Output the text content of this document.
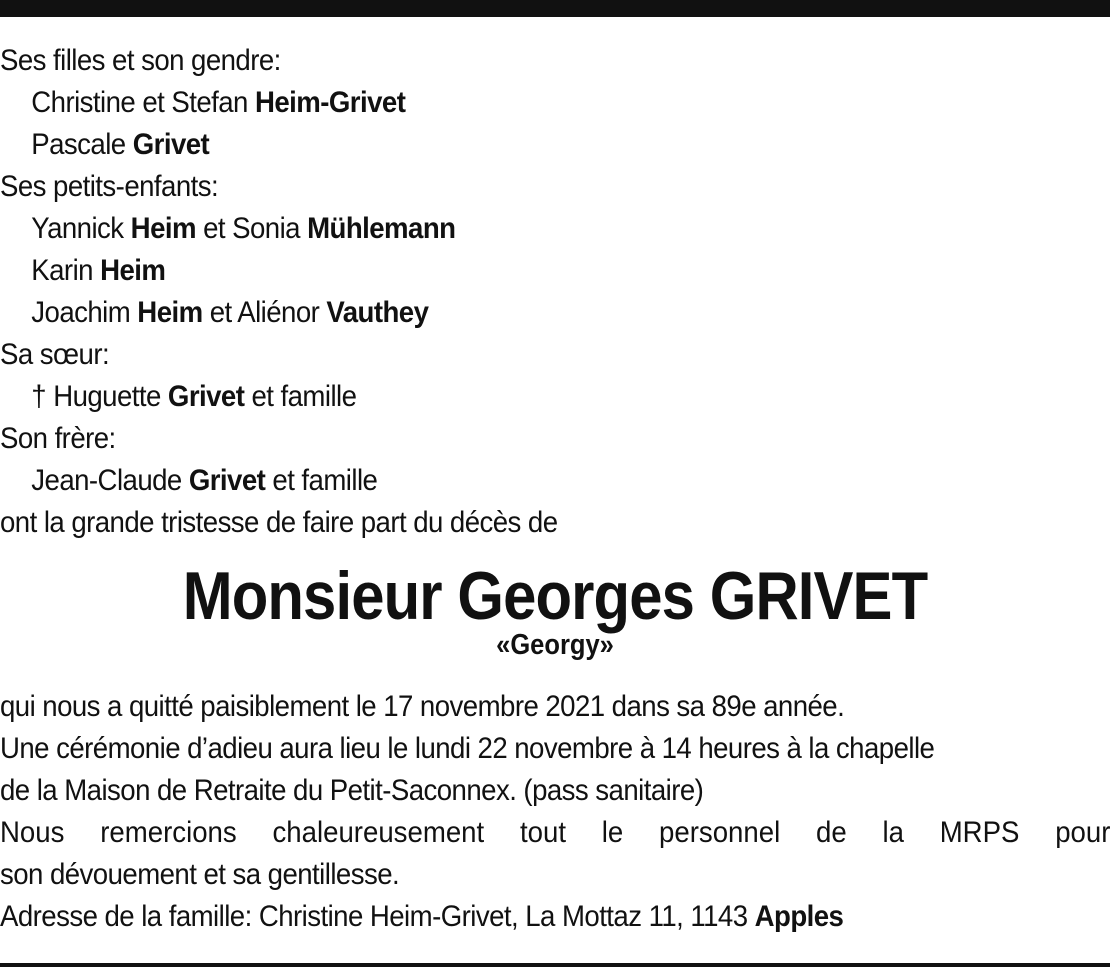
Ses filles et son gendre:
Christine et Stefan Heim-Grivet
Pascale Grivet
Ses petits-enfants:
Yannick Heim et Sonia Mühlemann
Karin Heim
Joachim Heim et Aliénor Vauthey
Sa sœur:
† Huguette Grivet et famille
Son frère:
Jean-Claude Grivet et famille
ont la grande tristesse de faire part du décès de
Monsieur Georges GRIVET
«Georgy»
qui nous a quitté paisiblement le 17 novembre 2021 dans sa 89e année.
Une cérémonie d’adieu aura lieu le lundi 22 novembre à 14 heures à la chapelle
de la Maison de Retraite du Petit-Saconnex. (pass sanitaire)
Nous remercions chaleureusement tout le personnel de la MRPS pour
son dévouement et sa gentillesse.
Adresse de la famille: Christine Heim-Grivet, La Mottaz 11, 1143 Apples
